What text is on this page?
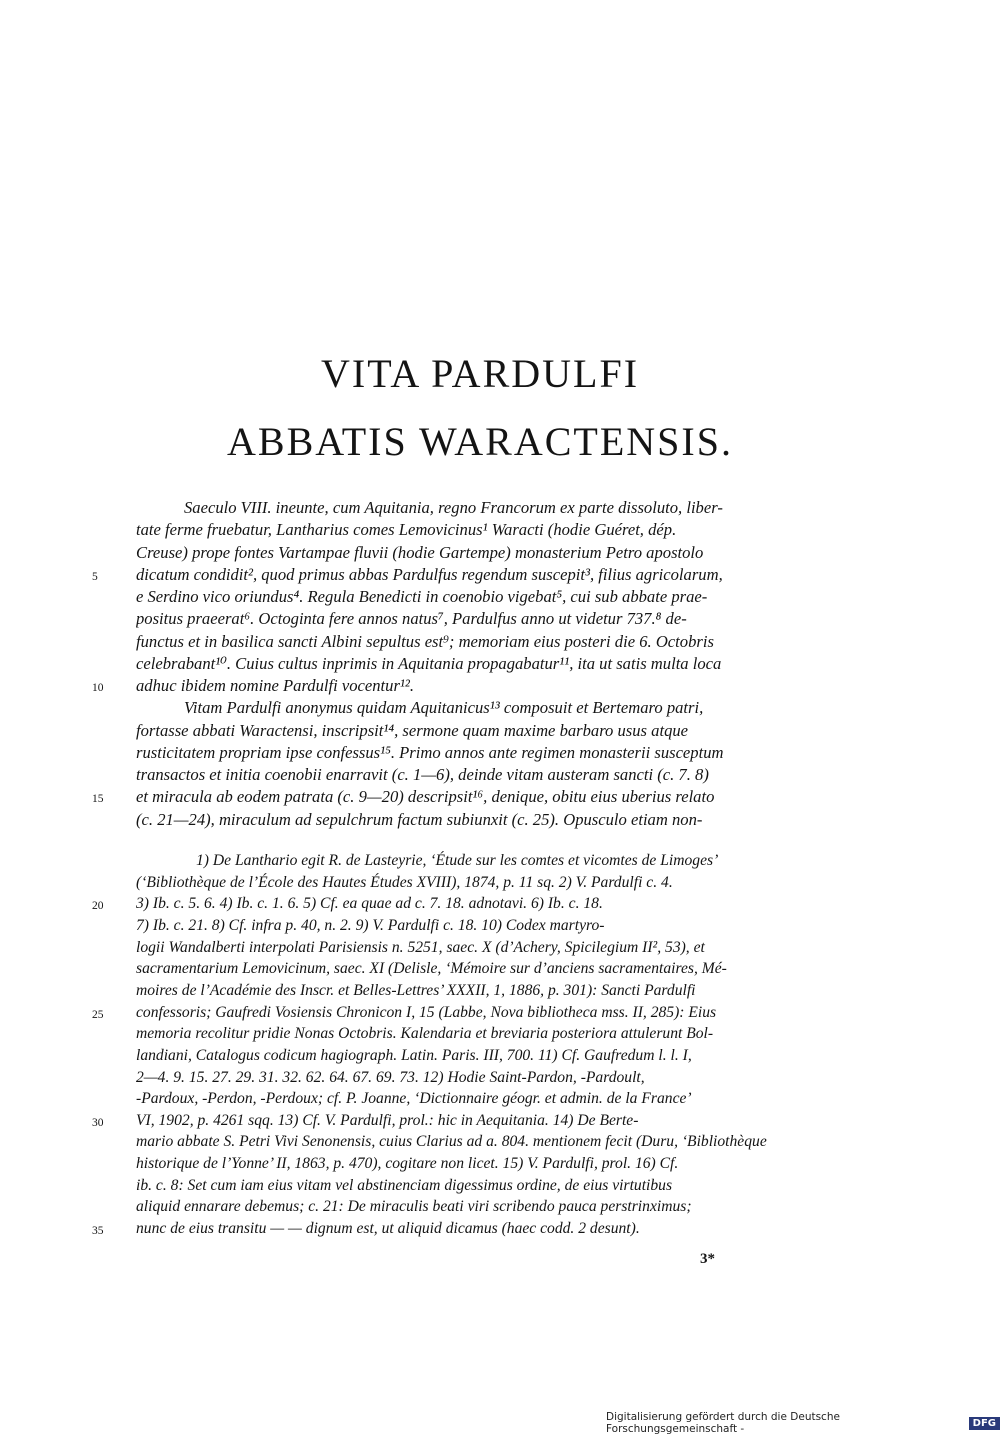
VITA PARDULFI
ABBATIS WARACTENSIS.
Saeculo VIII. ineunte, cum Aquitania, regno Francorum ex parte dissoluto, liber-
tate ferme fruebatur, Lantharius comes Lemovicinus¹ Waracti (hodie Guéret, dép.
Creuse) prope fontes Vartampae fluvii (hodie Gartempe) monasterium Petro apostolo
dicatum condidit², quod primus abbas Pardulfus regendum suscepit³, filius agricolarum,
e Serdino vico oriundus⁴. Regula Benedicti in coenobio vigebat⁵, cui sub abbate prae-
positus praeerat⁶. Octoginta fere annos natus⁷, Pardulfus anno ut videtur 737.⁸ de-
functus et in basilica sancti Albini sepultus est⁹; memoriam eius posteri die 6. Octobris
celebrabant¹⁰. Cuius cultus inprimis in Aquitania propagabatur¹¹, ita ut satis multa loca
adhuc ibidem nomine Pardulfi vocentur¹².
Vitam Pardulfi anonymus quidam Aquitanicus¹³ composuit et Bertemaro patri,
fortasse abbati Waractensi, inscripsit¹⁴, sermone quam maxime barbaro usus atque
rusticitatem propriam ipse confessus¹⁵. Primo annos ante regimen monasterii susceptum
transactos et initia coenobii enarravit (c. 1—6), deinde vitam austeram sancti (c. 7. 8)
et miracula ab eodem patrata (c. 9—20) descripsit¹⁶, denique, obitu eius uberius relato
(c. 21—24), miraculum ad sepulchrum factum subiunxit (c. 25). Opusculo etiam non-
5
10
15
1) De Lanthario egit R. de Lasteyrie, ‘Étude sur les comtes et vicomtes de Limoges’
(‘Bibliothèque de l’École des Hautes Études XVIII), 1874, p. 11 sq. 2) V. Pardulfi c. 4.
3) Ib. c. 5. 6. 4) Ib. c. 1. 6. 5) Cf. ea quae ad c. 7. 18. adnotavi. 6) Ib. c. 18.
7) Ib. c. 21. 8) Cf. infra p. 40, n. 2. 9) V. Pardulfi c. 18. 10) Codex martyro-
logii Wandalberti interpolati Parisiensis n. 5251, saec. X (d’Achery, Spicilegium II², 53), et
sacramentarium Lemovicinum, saec. XI (Delisle, ‘Mémoire sur d’anciens sacramentaires, Mé-
moires de l’Académie des Inscr. et Belles-Lettres’ XXXII, 1, 1886, p. 301): Sancti Pardulfi
confessoris; Gaufredi Vosiensis Chronicon I, 15 (Labbe, Nova bibliotheca mss. II, 285): Eius
memoria recolitur pridie Nonas Octobris. Kalendaria et breviaria posteriora attulerunt Bol-
landiani, Catalogus codicum hagiograph. Latin. Paris. III, 700. 11) Cf. Gaufredum l. l. I,
2—4. 9. 15. 27. 29. 31. 32. 62. 64. 67. 69. 73. 12) Hodie Saint-Pardon, -Pardoult,
-Pardoux, -Perdon, -Perdoux; cf. P. Joanne, ‘Dictionnaire géogr. et admin. de la France’
VI, 1902, p. 4261 sqq. 13) Cf. V. Pardulfi, prol.: hic in Aequitania. 14) De Berte-
mario abbate S. Petri Vivi Senonensis, cuius Clarius ad a. 804. mentionem fecit (Duru, ‘Bibliothèque
historique de l’Yonne’ II, 1863, p. 470), cogitare non licet. 15) V. Pardulfi, prol. 16) Cf.
ib. c. 8: Set cum iam eius vitam vel abstinenciam digessimus ordine, de eius virtutibus
aliquid ennarare debemus; c. 21: De miraculis beati viri scribendo pauca perstrinximus;
nunc de eius transitu — — dignum est, ut aliquid dicamus (haec codd. 2 desunt).
20
25
30
35
3*
Digitalisierung gefördert durch die Deutsche Forschungsgemeinschaft -	DFG
